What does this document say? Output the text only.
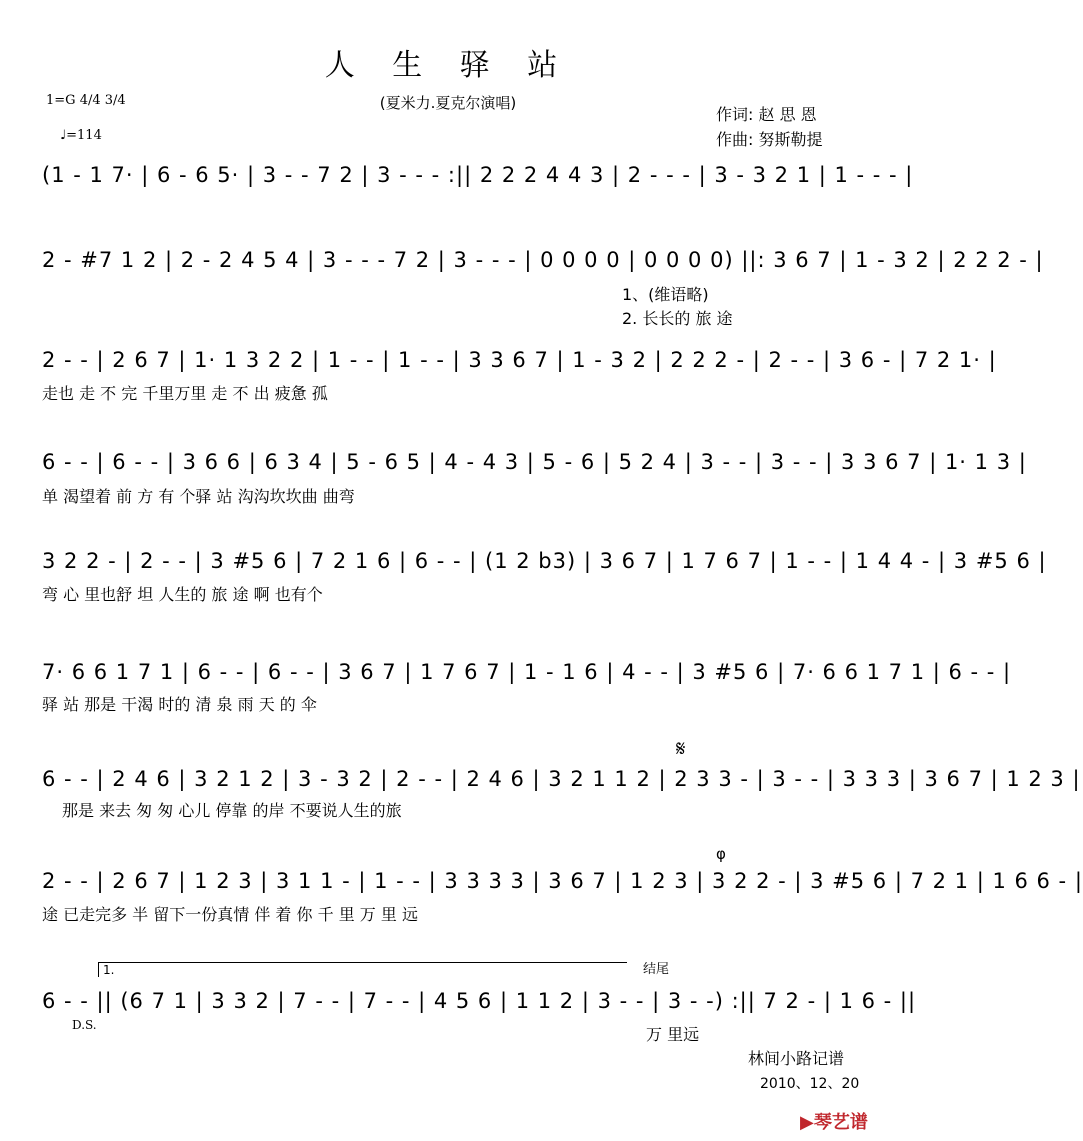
人 生 驿 站
(夏米力.夏克尔演唱)
1=G 4/4 3/4
♩=114
作词: 赵 思 恩
作曲: 努斯勒提
(1 - 1 7· | 6 - 6 5· | 3 - - 7 2 | 3 - - - :|| 2 2 2 4 4 3 | 2 - - - | 3 - 3 2 1 | 1 - - - |
2 - #7 1 2 | 2 - 2 4 5 4 | 3 - - - 7 2 | 3 - - - | 0 0 0 0 | 0 0 0 0) ||: 3 6 7 | 1 - 3 2 | 2 2 2 - |
1、(维语略)
2. 长长的 旅 途
2 - - | 2 6 7 | 1· 1 3 2 2 | 1 - - | 1 - - | 3 3 6 7 | 1 - 3 2 | 2 2 2 - | 2 - - | 3 6 - | 7 2 1· |
走也 走 不 完 千里万里 走 不 出 疲惫 孤
6 - - | 6 - - | 3 6 6 | 6 3 4 | 5 - 6 5 | 4 - 4 3 | 5 - 6 | 5 2 4 | 3 - - | 3 - - | 3 3 6 7 | 1· 1 3 |
单 渴望着 前 方 有 个驿 站 沟沟坎坎曲 曲弯
3 2 2 - | 2 - - | 3 #5 6 | 7 2 1 6 | 6 - - | (1 2 b3) | 3 6 7 | 1 7 6 7 | 1 - - | 1 4 4 - | 3 #5 6 |
弯 心 里也舒 坦 人生的 旅 途 啊 也有个
7· 6 6 1 7 1 | 6 - - | 6 - - | 3 6 7 | 1 7 6 7 | 1 - 1 6 | 4 - - | 3 #5 6 | 7· 6 6 1 7 1 | 6 - - |
驿 站 那是 干渴 时的 清 泉 雨 天 的 伞
6 - - | 2 4 6 | 3 2 1 2 | 3 - 3 2 | 2 - - | 2 4 6 | 3 2 1 1 2 | 2 3 3 - | 3 - - | 3 3 3 | 3 6 7 | 1 2 3 |
那是 来去 匆 匆 心儿 停靠 的岸 不要说人生的旅
𝄋
2 - - | 2 6 7 | 1 2 3 | 3 1 1 - | 1 - - | 3 3 3 3 | 3 6 7 | 1 2 3 | 3 2 2 - | 3 #5 6 | 7 2 1 | 1 6 6 - |
途 已走完多 半 留下一份真情 伴 着 你 千 里 万 里 远
φ
1.	结尾
6 - - || (6 7 1 | 3 3 2 | 7 - - | 7 - - | 4 5 6 | 1 1 2 | 3 - - | 3 - -) :|| 7 2 - | 1 6 - ||
D.S.	万 里远
林间小路记谱
2010、12、20
▶琴艺谱
